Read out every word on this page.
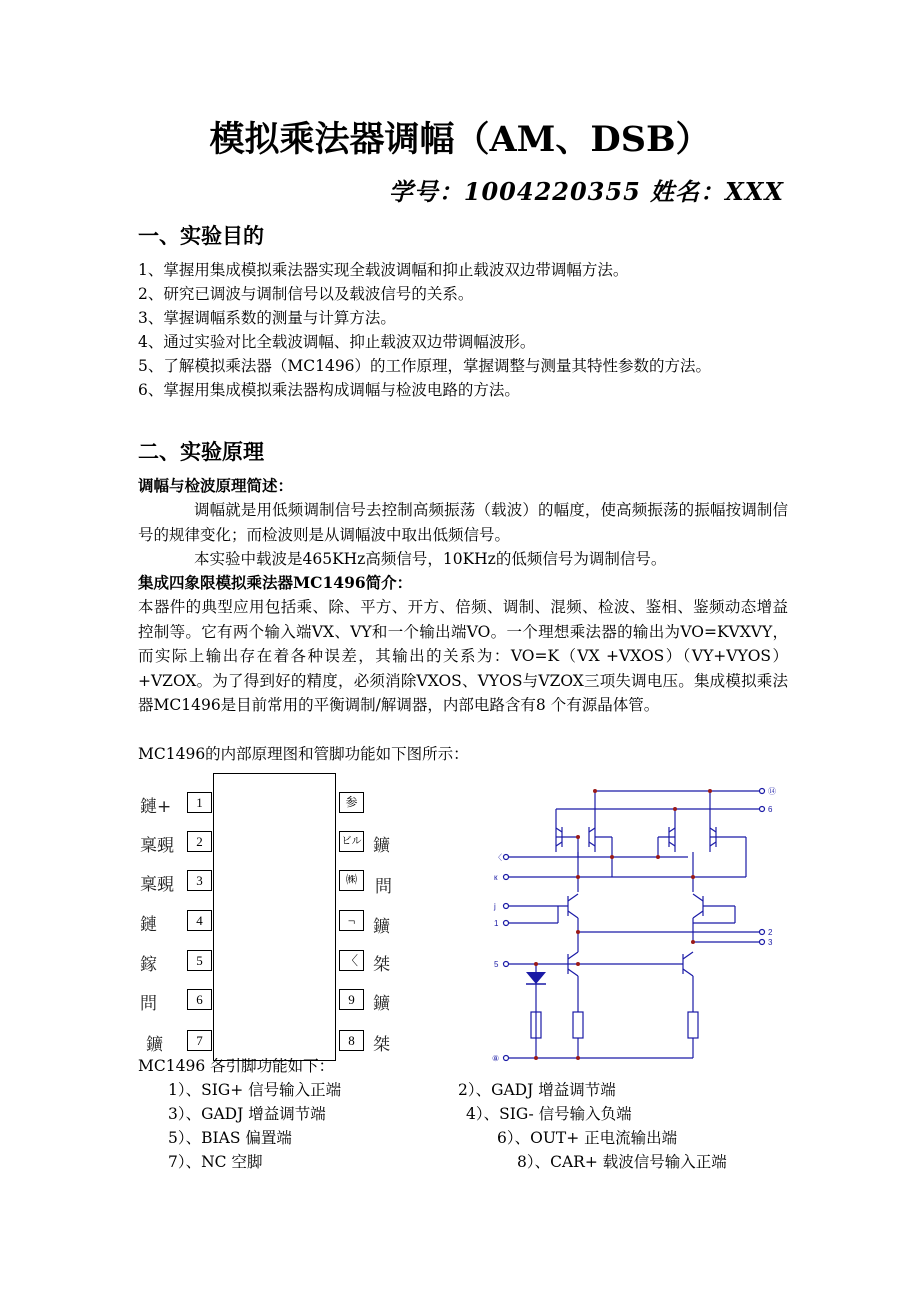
模拟乘法器调幅（AM、DSB）
学号：1004220355 姓名：XXX
一、实验目的
1、掌握用集成模拟乘法器实现全载波调幅和抑止载波双边带调幅方法。
2、研究已调波与调制信号以及载波信号的关系。
3、掌握调幅系数的测量与计算方法。
4、通过实验对比全载波调幅、抑止载波双边带调幅波形。
5、了解模拟乘法器（MC1496）的工作原理，掌握调整与测量其特性参数的方法。
6、掌握用集成模拟乘法器构成调幅与检波电路的方法。
二、实验原理
调幅与检波原理简述：
调幅就是用低频调制信号去控制高频振荡（载波）的幅度，使高频振荡的振幅按调制信号的规律变化；而检波则是从调幅波中取出低频信号。
本实验中载波是465KHz高频信号，10KHz的低频信号为调制信号。
集成四象限模拟乘法器MC1496简介：
本器件的典型应用包括乘、除、平方、开方、倍频、调制、混频、检波、鉴相、鉴频动态增益控制等。它有两个输入端VX、VY和一个输出端VO。一个理想乘法器的输出为VO=KVXVY，而实际上输出存在着各种误差，其输出的关系为：VO=K（VX +VXOS）（VY+VYOS）+VZOX。为了得到好的精度，必须消除VXOS、VYOS与VZOX三项失调电压。集成模拟乘法器MC1496是目前常用的平衡调制/解调器，内部电路含有8 个有源晶体管。
MC1496的内部原理图和管脚功能如下图所示：
1
2
3
4
5
6
7
参
ビル
㈱
¬
〈
9
8
鏈+
稟覡
稟覡
鏈
鎵
問
鑛
鑛
問
鑛
桀
鑛
桀
⑭
6
〈
к
j
1
2
3
5
⑧
MC1496 各引脚功能如下：
1）、SIG+ 信号输入正端	2）、GADJ 增益调节端
3）、GADJ 增益调节端	4）、SIG- 信号输入负端
5）、BIAS 偏置端	6）、OUT+ 正电流输出端
7）、NC 空脚	8）、CAR+ 载波信号输入正端
